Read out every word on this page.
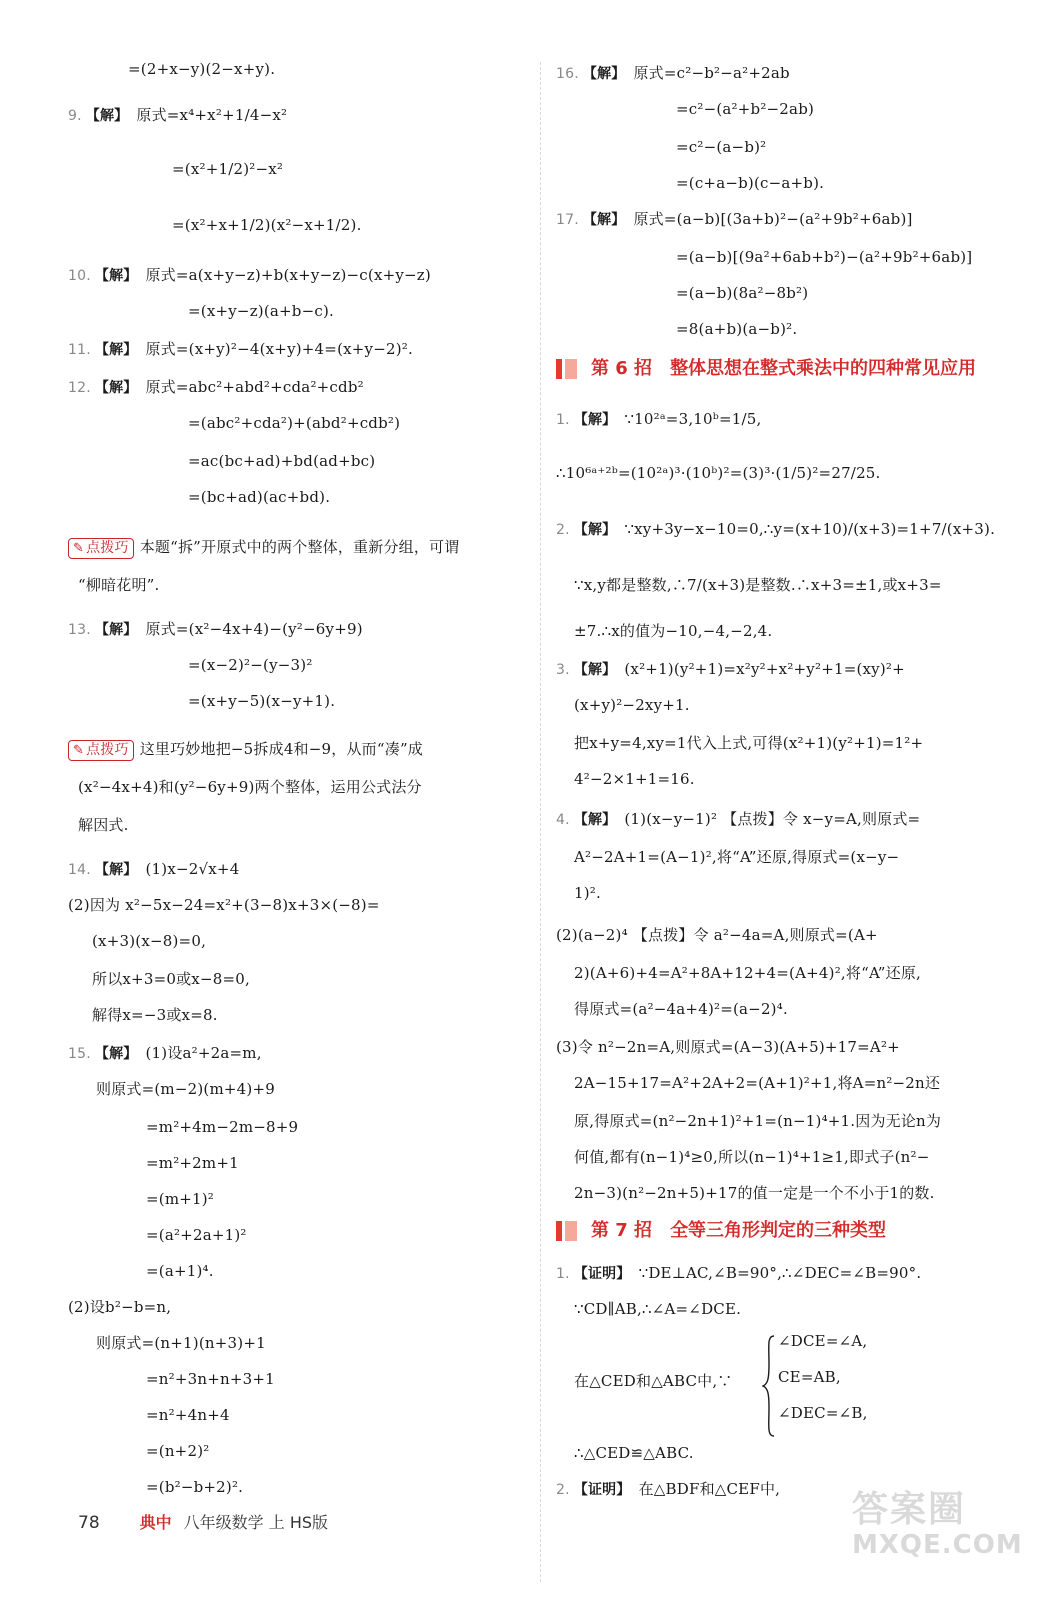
=(2+x−y)(2−x+y).
9. 【解】 原式=x⁴+x²+1/4−x²
=(x²+1/2)²−x²
=(x²+x+1/2)(x²−x+1/2).
10. 【解】 原式=a(x+y−z)+b(x+y−z)−c(x+y−z)
=(x+y−z)(a+b−c).
11. 【解】 原式=(x+y)²−4(x+y)+4=(x+y−2)².
12. 【解】 原式=abc²+abd²+cda²+cdb²
=(abc²+cda²)+(abd²+cdb²)
=ac(bc+ad)+bd(ad+bc)
=(bc+ad)(ac+bd).
✎ 点拨巧 本题“拆”开原式中的两个整体，重新分组，可谓
“柳暗花明”.
13. 【解】 原式=(x²−4x+4)−(y²−6y+9)
=(x−2)²−(y−3)²
=(x+y−5)(x−y+1).
✎ 点拨巧 这里巧妙地把−5拆成4和−9，从而“凑”成
(x²−4x+4)和(y²−6y+9)两个整体，运用公式法分
解因式.
14. 【解】 (1)x−2√x+4
(2)因为 x²−5x−24=x²+(3−8)x+3×(−8)=
(x+3)(x−8)=0,
所以x+3=0或x−8=0,
解得x=−3或x=8.
15. 【解】 (1)设a²+2a=m,
则原式=(m−2)(m+4)+9
=m²+4m−2m−8+9
=m²+2m+1
=(m+1)²
=(a²+2a+1)²
=(a+1)⁴.
(2)设b²−b=n,
则原式=(n+1)(n+3)+1
=n²+3n+n+3+1
=n²+4n+4
=(n+2)²
=(b²−b+2)².
第 6 招 整体思想在整式乘法中的四种常见应用
第 7 招 全等三角形判定的三种类型
∠DCE=∠A,
CE=AB,
∠DEC=∠B,
16. 【解】 原式=c²−b²−a²+2ab
=c²−(a²+b²−2ab)
=c²−(a−b)²
=(c+a−b)(c−a+b).
17. 【解】 原式=(a−b)[(3a+b)²−(a²+9b²+6ab)]
=(a−b)[(9a²+6ab+b²)−(a²+9b²+6ab)]
=(a−b)(8a²−8b²)
=8(a+b)(a−b)².
1. 【解】 ∵10²ᵃ=3,10ᵇ=1/5,
∴10⁶ᵃ⁺²ᵇ=(10²ᵃ)³·(10ᵇ)²=(3)³·(1/5)²=27/25.
2. 【解】 ∵xy+3y−x−10=0,∴y=(x+10)/(x+3)=1+7/(x+3).
∵x,y都是整数,∴7/(x+3)是整数.∴x+3=±1,或x+3=
±7.∴x的值为−10,−4,−2,4.
3. 【解】 (x²+1)(y²+1)=x²y²+x²+y²+1=(xy)²+
(x+y)²−2xy+1.
把x+y=4,xy=1代入上式,可得(x²+1)(y²+1)=1²+
4²−2×1+1=16.
4. 【解】 (1)(x−y−1)² 【点拨】令 x−y=A,则原式=
A²−2A+1=(A−1)²,将“A”还原,得原式=(x−y−
1)².
(2)(a−2)⁴ 【点拨】令 a²−4a=A,则原式=(A+
2)(A+6)+4=A²+8A+12+4=(A+4)²,将“A”还原,
得原式=(a²−4a+4)²=(a−2)⁴.
(3)令 n²−2n=A,则原式=(A−3)(A+5)+17=A²+
2A−15+17=A²+2A+2=(A+1)²+1,将A=n²−2n还
原,得原式=(n²−2n+1)²+1=(n−1)⁴+1.因为无论n为
何值,都有(n−1)⁴≥0,所以(n−1)⁴+1≥1,即式子(n²−
2n−3)(n²−2n+5)+17的值一定是一个不小于1的数.
1. 【证明】 ∵DE⊥AC,∠B=90°,∴∠DEC=∠B=90°.
∵CD∥AB,∴∠A=∠DCE.
在△CED和△ABC中,∵
∴△CED≌△ABC.
2. 【证明】 在△BDF和△CEF中,
78	典中 八年级数学 上 HS版	答案圈
MXQE.COM
